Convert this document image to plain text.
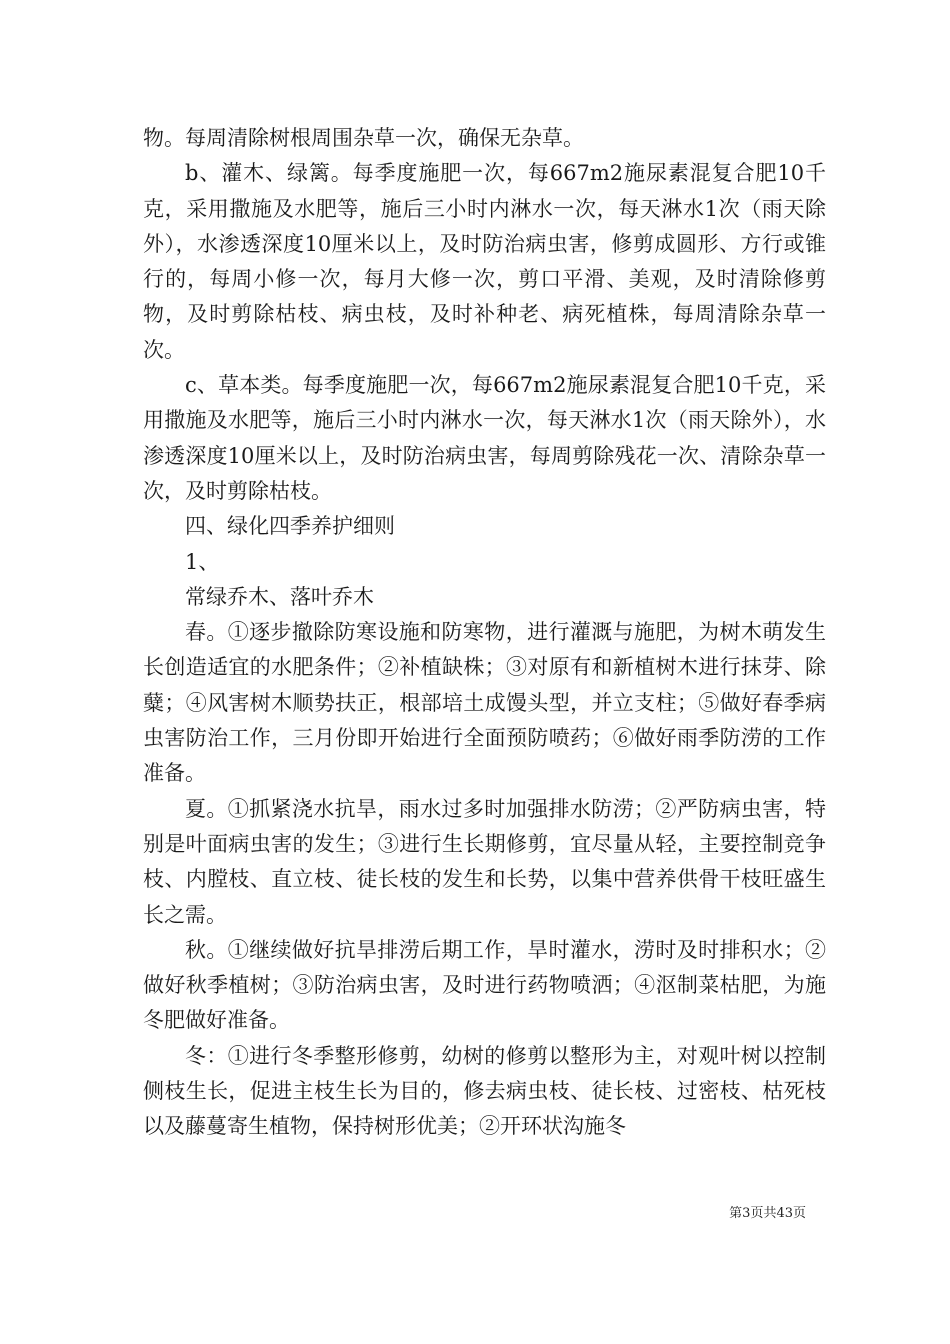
物。每周清除树根周围杂草一次，确保无杂草。

b、灌木、绿篱。每季度施肥一次，每667m2施尿素混复合肥10千克，采用撒施及水肥等，施后三小时内淋水一次，每天淋水1次（雨天除外），水渗透深度10厘米以上，及时防治病虫害，修剪成圆形、方行或锥行的，每周小修一次，每月大修一次，剪口平滑、美观，及时清除修剪物，及时剪除枯枝、病虫枝，及时补种老、病死植株，每周清除杂草一次。

c、草本类。每季度施肥一次，每667m2施尿素混复合肥10千克，采用撒施及水肥等，施后三小时内淋水一次，每天淋水1次（雨天除外），水渗透深度10厘米以上，及时防治病虫害，每周剪除残花一次、清除杂草一次，及时剪除枯枝。

四、绿化四季养护细则

1、

常绿乔木、落叶乔木

春。①逐步撤除防寒设施和防寒物，进行灌溉与施肥，为树木萌发生长创造适宜的水肥条件；②补植缺株；③对原有和新植树木进行抹芽、除糵；④风害树木顺势扶正，根部培土成馒头型，并立支柱；⑤做好春季病虫害防治工作，三月份即开始进行全面预防喷药；⑥做好雨季防涝的工作准备。

夏。①抓紧浇水抗旱，雨水过多时加强排水防涝；②严防病虫害，特别是叶面病虫害的发生；③进行生长期修剪，宜尽量从轻，主要控制竞争枝、内膛枝、直立枝、徒长枝的发生和长势，以集中营养供骨干枝旺盛生长之需。

秋。①继续做好抗旱排涝后期工作，旱时灌水，涝时及时排积水；②做好秋季植树；③防治病虫害，及时进行药物喷洒；④沤制菜枯肥，为施冬肥做好准备。

冬：①进行冬季整形修剪，幼树的修剪以整形为主，对观叶树以控制侧枝生长，促进主枝生长为目的，修去病虫枝、徒长枝、过密枝、枯死枝以及藤蔓寄生植物，保持树形优美；②开环状沟施冬

第3页共43页
